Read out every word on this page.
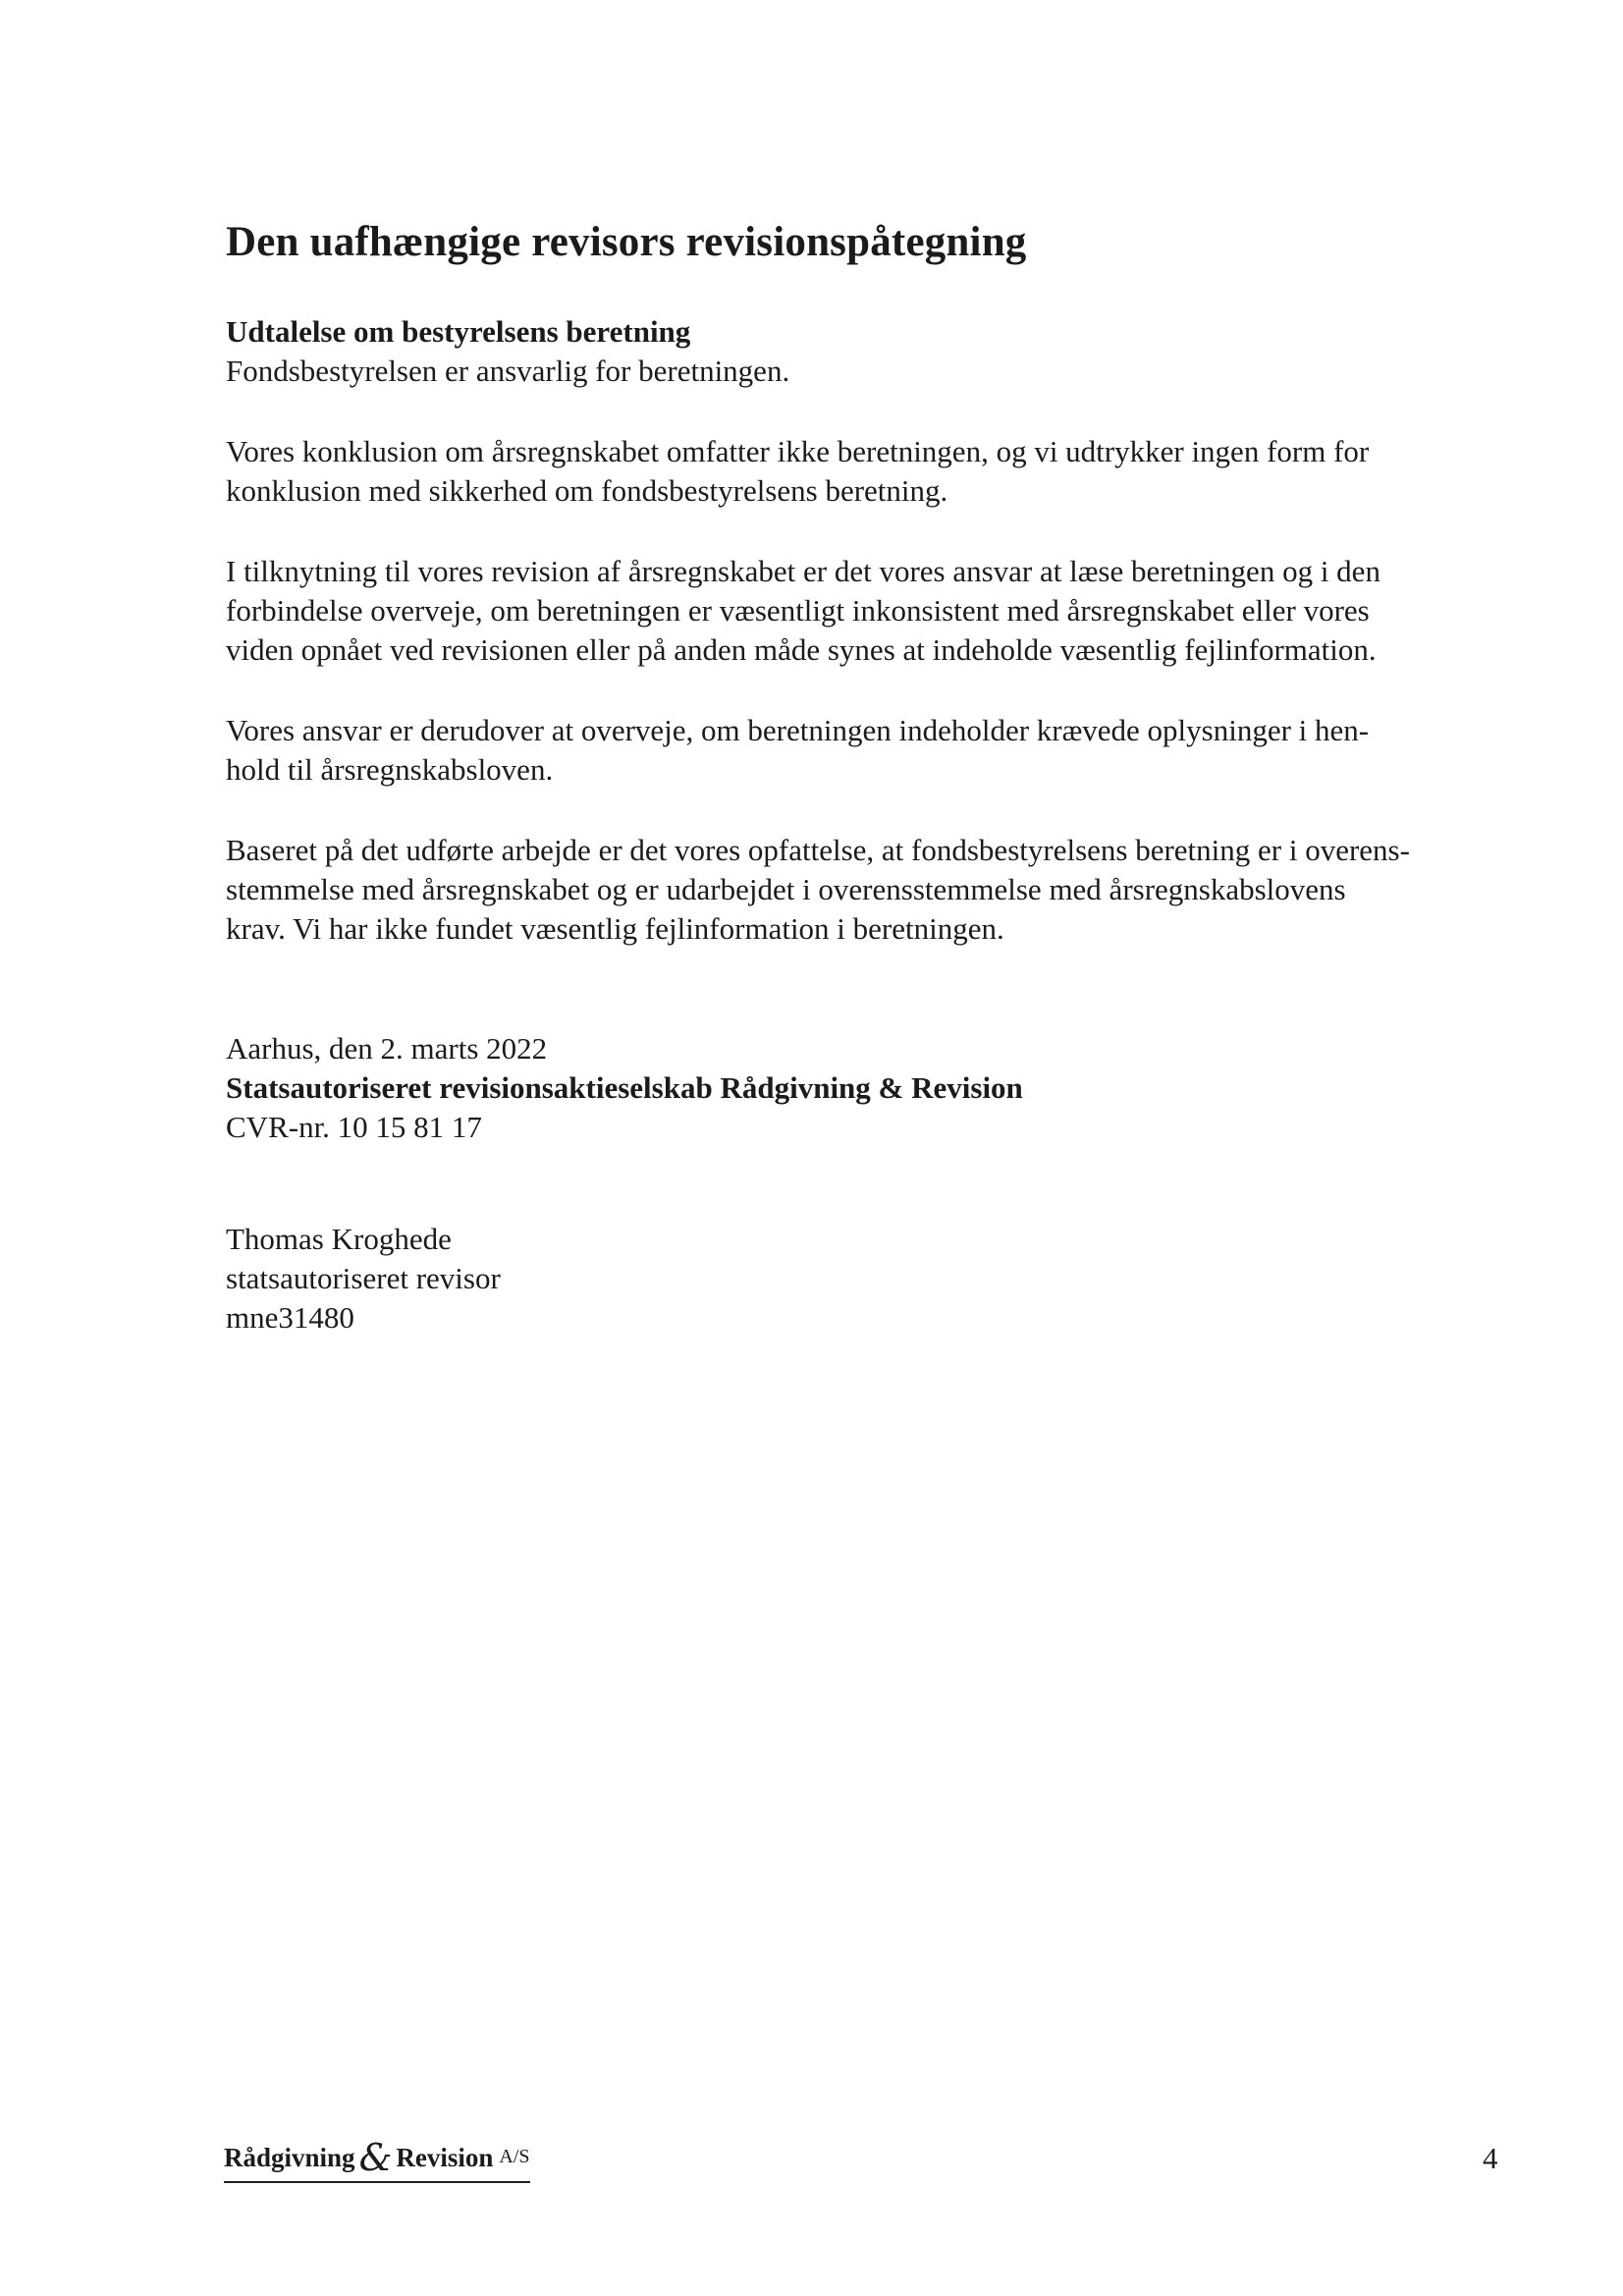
Den uafhængige revisors revisionspåtegning
Udtalelse om bestyrelsens beretning
Fondsbestyrelsen er ansvarlig for beretningen.
Vores konklusion om årsregnskabet omfatter ikke beretningen, og vi udtrykker ingen form for
konklusion med sikkerhed om fondsbestyrelsens beretning.
I tilknytning til vores revision af årsregnskabet er det vores ansvar at læse beretningen og i den
forbindelse overveje, om beretningen er væsentligt inkonsistent med årsregnskabet eller vores
viden opnået ved revisionen eller på anden måde synes at indeholde væsentlig fejlinformation.
Vores ansvar er derudover at overveje, om beretningen indeholder krævede oplysninger i hen-
hold til årsregnskabsloven.
Baseret på det udførte arbejde er det vores opfattelse, at fondsbestyrelsens beretning er i overens-
stemmelse med årsregnskabet og er udarbejdet i overensstemmelse med årsregnskabslovens
krav. Vi har ikke fundet væsentlig fejlinformation i beretningen.
Aarhus, den 2. marts 2022
Statsautoriseret revisionsaktieselskab Rådgivning & Revision
CVR-nr. 10 15 81 17
Thomas Kroghede
statsautoriseret revisor
mne31480
Rådgivning & Revision A/S	4
